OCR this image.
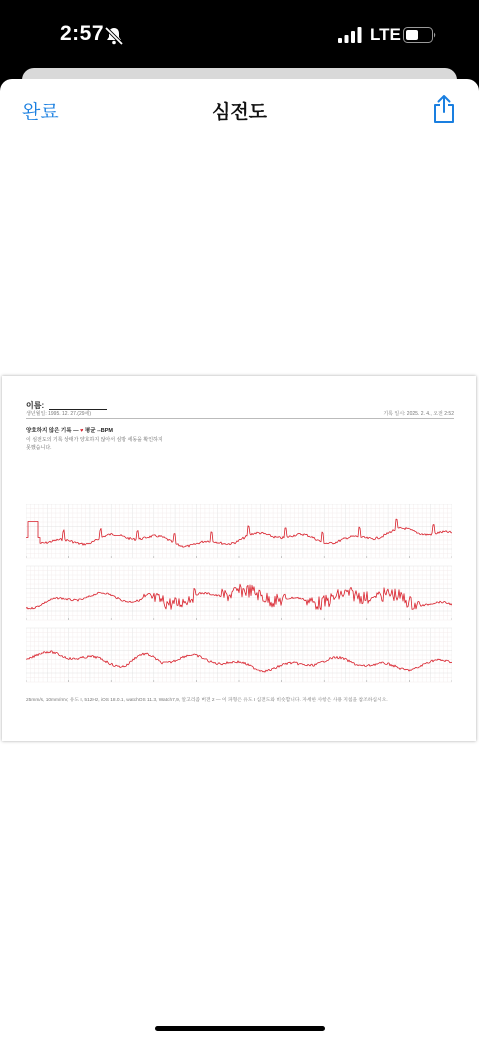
2:57	LTE
완료	심전도
이름:
생년월일: 1995. 12. 27.(29세)	기록 일시: 2025. 2. 4., 오전 2:52
양호하지 않은 기록 — ♥ 평균 --BPM
이 심전도의 기록 상태가 양호하지 않아서 심방 세동을 확인하지 못했습니다.
25mm/s, 10mm/mV, 유도 I, 512Hz, iOS 18.0.1, watchOS 11.3, Watch7,9, 알고리즘 버전 2 — 이 파형은 유도 I 심전도와 비슷합니다. 자세한 사항은 사용 지침을 참조하십시오.
